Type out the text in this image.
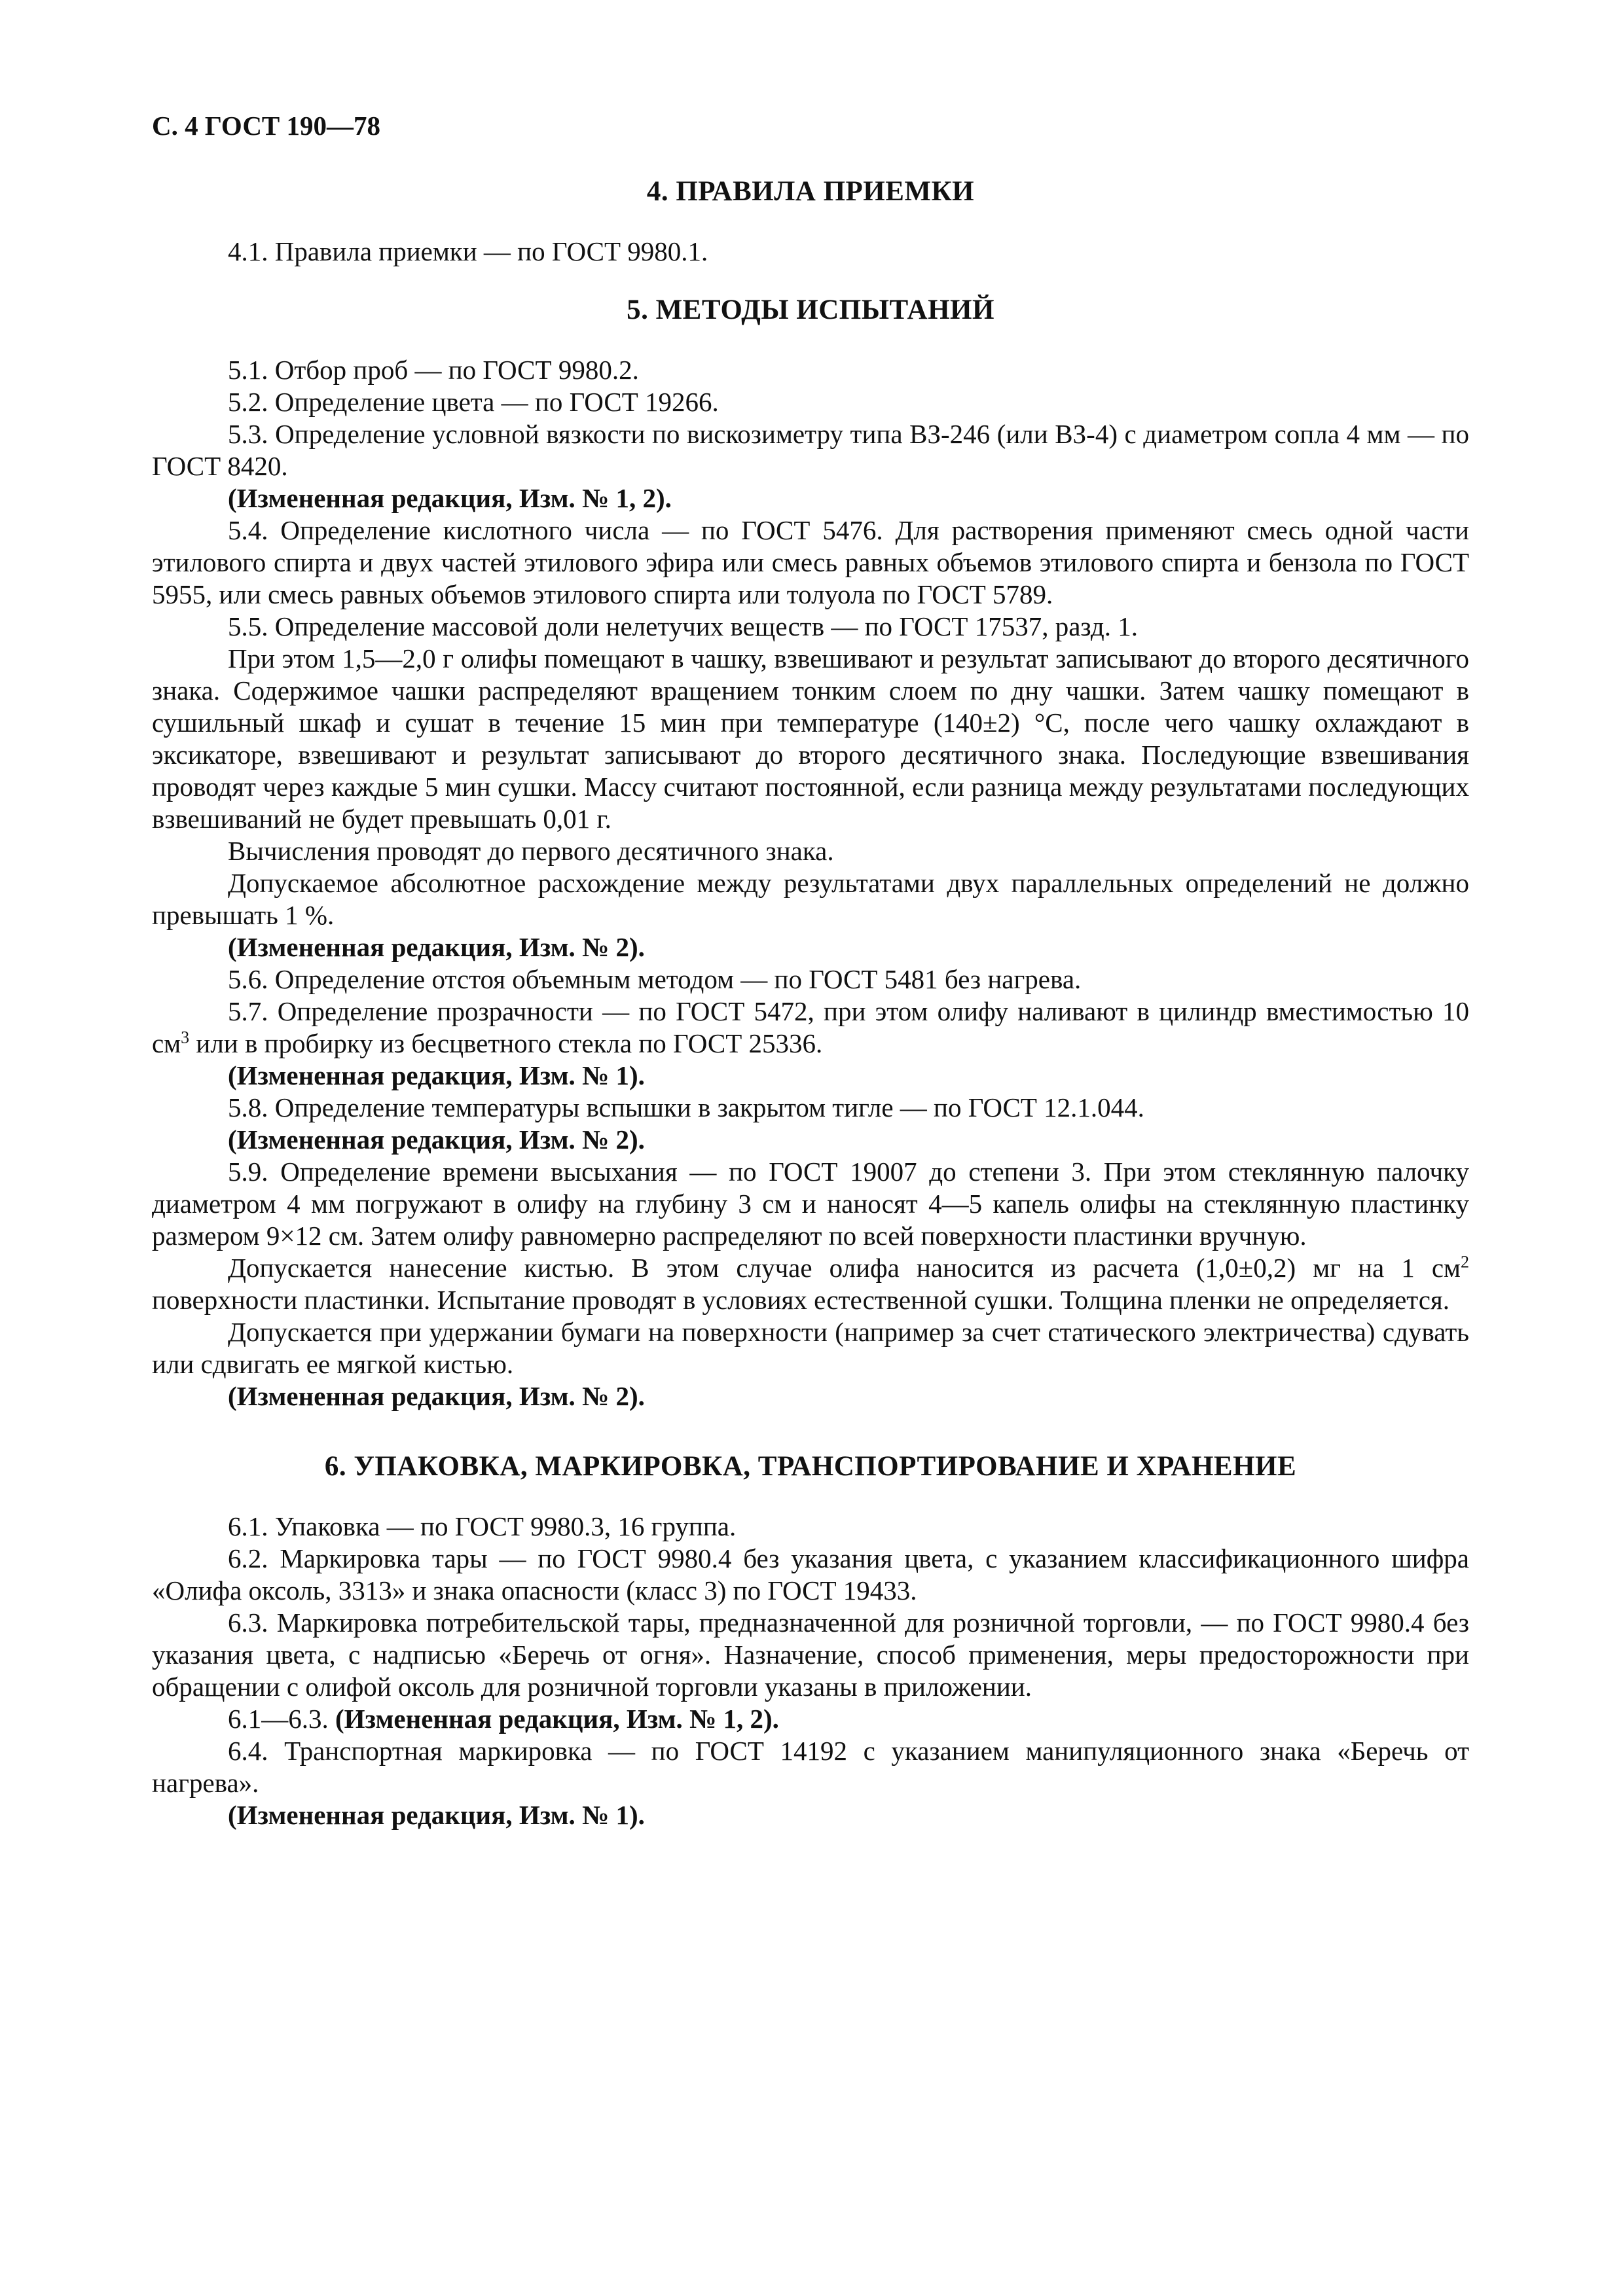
С. 4 ГОСТ 190—78
4. ПРАВИЛА ПРИЕМКИ

4.1. Правила приемки — по ГОСТ 9980.1.

5. МЕТОДЫ ИСПЫТАНИЙ

5.1. Отбор проб — по ГОСТ 9980.2.

5.2. Определение цвета — по ГОСТ 19266.

5.3. Определение условной вязкости по вискозиметру типа ВЗ-246 (или ВЗ-4) с диаметром сопла 4 мм — по ГОСТ 8420.

(Измененная редакция, Изм. № 1, 2).

5.4. Определение кислотного числа — по ГОСТ 5476. Для растворения применяют смесь одной части этилового спирта и двух частей этилового эфира или смесь равных объемов этилового спирта и бензола по ГОСТ 5955, или смесь равных объемов этилового спирта или толуола по ГОСТ 5789.

5.5. Определение массовой доли нелетучих веществ — по ГОСТ 17537, разд. 1.

При этом 1,5—2,0 г олифы помещают в чашку, взвешивают и результат записывают до второго десятичного знака. Содержимое чашки распределяют вращением тонким слоем по дну чашки. Затем чашку помещают в сушильный шкаф и сушат в течение 15 мин при температуре (140±2) °С, после чего чашку охлаждают в эксикаторе, взвешивают и результат записывают до второго десятичного знака. Последующие взвешивания проводят через каждые 5 мин сушки. Массу считают постоянной, если разница между результатами последующих взвешиваний не будет превышать 0,01 г.

Вычисления проводят до первого десятичного знака.

Допускаемое абсолютное расхождение между результатами двух параллельных определений не должно превышать 1 %.

(Измененная редакция, Изм. № 2).

5.6. Определение отстоя объемным методом — по ГОСТ 5481 без нагрева.

5.7. Определение прозрачности — по ГОСТ 5472, при этом олифу наливают в цилиндр вместимостью 10 $см^3$ или в пробирку из бесцветного стекла по ГОСТ 25336.

(Измененная редакция, Изм. № 1).

5.8. Определение температуры вспышки в закрытом тигле — по ГОСТ 12.1.044.

(Измененная редакция, Изм. № 2).

5.9. Определение времени высыхания — по ГОСТ 19007 до степени 3. При этом стеклянную палочку диаметром 4 мм погружают в олифу на глубину 3 см и наносят 4—5 капель олифы на стеклянную пластинку размером 9×12 см. Затем олифу равномерно распределяют по всей поверхности пластинки вручную.

Допускается нанесение кистью. В этом случае олифа наносится из расчета (1,0±0,2) мг на 1 $см^2$ поверхности пластинки. Испытание проводят в условиях естественной сушки. Толщина пленки не определяется.

Допускается при удержании бумаги на поверхности (например за счет статического электричества) сдувать или сдвигать ее мягкой кистью.

(Измененная редакция, Изм. № 2).

6. УПАКОВКА, МАРКИРОВКА, ТРАНСПОРТИРОВАНИЕ И ХРАНЕНИЕ

6.1. Упаковка — по ГОСТ 9980.3, 16 группа.

6.2. Маркировка тары — по ГОСТ 9980.4 без указания цвета, с указанием классификационного шифра «Олифа оксоль, 3313» и знака опасности (класс 3) по ГОСТ 19433.

6.3. Маркировка потребительской тары, предназначенной для розничной торговли, — по ГОСТ 9980.4 без указания цвета, с надписью «Беречь от огня». Назначение, способ применения, меры предосторожности при обращении с олифой оксоль для розничной торговли указаны в приложении.

6.1—6.3. (Измененная редакция, Изм. № 1, 2).

6.4. Транспортная маркировка — по ГОСТ 14192 с указанием манипуляционного знака «Беречь от нагрева».

(Измененная редакция, Изм. № 1).
